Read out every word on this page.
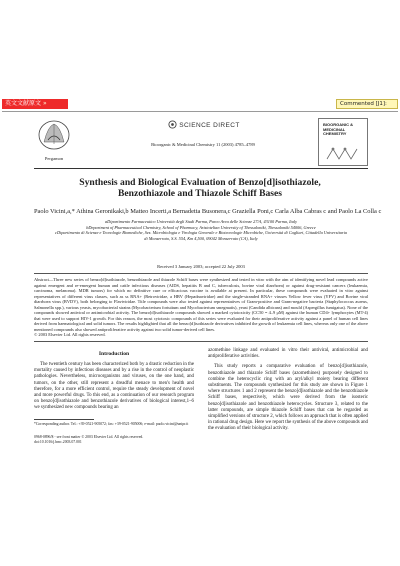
英文文献原文 »	Commented [J1]:
Pergamon
SCIENCE DIRECT
Bioorganic & Medicinal Chemistry 11 (2003) 4785–4789
BIOORGANIC &
MEDICINAL
CHEMISTRY
Synthesis and Biological Evaluation of Benzo[d]isothiazole, Benzothiazole and Thiazole Schiff Bases
Paolo Vicini,a,* Athina Geronikaki,b Matteo Incerti,a Bernadetta Busonera,c Graziella Poni,c Carla Alba Cabras c and Paolo La Colla c
aDipartimento Farmaceutico Università degli Studi Parma, Parco Area delle Scienze 27/A, 43100 Parma, Italy
bDepartment of Pharmaceutical Chemistry, School of Pharmacy, Aristotelian University of Thessaloniki, Thessaloniki 54006, Greece
cDipartimento di Scienze e Tecnologie Biomediche, Sez. Microbiologia e Virologia Generale e Biotecnologie Microbiche, Università di Cagliari, Cittadella Universitaria di Monserrato, S.S. 554, Km 4,500, 09042 Monserrato (CA), Italy
Received 3 January 2003; accepted 22 July 2003
Abstract—Three new series of benzo[d]isothiazole, benzothiazole and thiazole Schiff bases were synthesized and tested in vitro with the aim of identifying novel lead compounds active against emergent and re-emergent human and cattle infectious diseases (AIDS, hepatitis B and C, tuberculosis, bovine viral diarrhoea) or against drug-resistant cancers (leukaemia, carcinoma, melanoma). MDR tumors) for which no definitive cure or efficacious vaccine is available at present. In particular, these compounds were evaluated in vitro against representatives of different virus classes, such as ss RNA+ (Retroviridae, a HBV (Hepadnaviridae) and the single-stranded RNA+ viruses Yellow fever virus (YFV) and Bovine viral diarrhoea virus (BVDV), both belonging to Flaviviridae. Title compounds were also tested against representatives of Gram-positive and Gram-negative bacteria (Staphylococcus aureus, Salmonella spp.), various yeasts, mycobacterial strains (Mycobacterium fortuitum and Mycobacterium smegmatis), yeast (Candida albicans) and mould (Aspergillus fumigatus). None of the compounds showed antiviral or antimicrobial activity. The benzo[d]isothiazole compounds showed a marked cytotoxicity (CC50 = 4–9 μM) against the human CD4+ lymphocytes (MT-4) that were used to support HIV-1 growth. For this reason, the most cytotoxic compounds of this series were evaluated for their antiproliferative activity against a panel of human cell lines derived from haematological and solid tumors. The results highlighted that all the benzo[d]isothiazole derivatives inhibited the growth of leukaemia cell lines, whereas only one of the above mentioned compounds also showed antiproliferative activity against two solid tumor-derived cell lines.
© 2003 Elsevier Ltd. All rights reserved.
Introduction

The twentieth century has been characterized both by a drastic reduction in the mortality caused by infectious diseases and by a rise in the control of neoplastic pathologies. Nevertheless, microorganisms and viruses, on the one hand, and tumors, on the other, still represent a dreadful menace to men's health and therefore, for a more efficient control, require the steady development of novel and more powerful drugs. To this end, as a continuation of our research program on benzo[d]isothiazole and benzothiazole derivatives of biological interest,1–6 we synthesized new compounds bearing an

*Corresponding author. Tel.: +39-0521-905072; fax: +39-0521-905006; e-mail: paolo.vicini@unipr.it
0968-0896/$ - see front matter © 2003 Elsevier Ltd. All rights reserved.
doi:10.1016/j.bmc.2003.07.001

azomethine linkage and evaluated in vitro their antiviral, antimicrobial and antiproliferative activities.

This study reports a comparative evaluation of benzo[d]isothiazole, benzothiazole and thiazole Schiff bases (azomethines) purposely designed to combine the heterocyclic ring with an aryl/alkyl moiety bearing different substituents. The compounds synthesized for this study are shown in Figure 1 where structures 1 and 2 represent the benzo[d]isothiazole and the benzothiazole Schiff bases, respectively, which were derived from the isosteric benzo[d]isothiazole and benzothiazole heterocycles. Structure 3, related to the latter compounds, are simple thiazole Schiff bases that can be regarded as simplified versions of structure 2, which follows an approach that is often applied in rational drug design. Here we report the synthesis of the above compounds and the evaluation of their biological activity.
